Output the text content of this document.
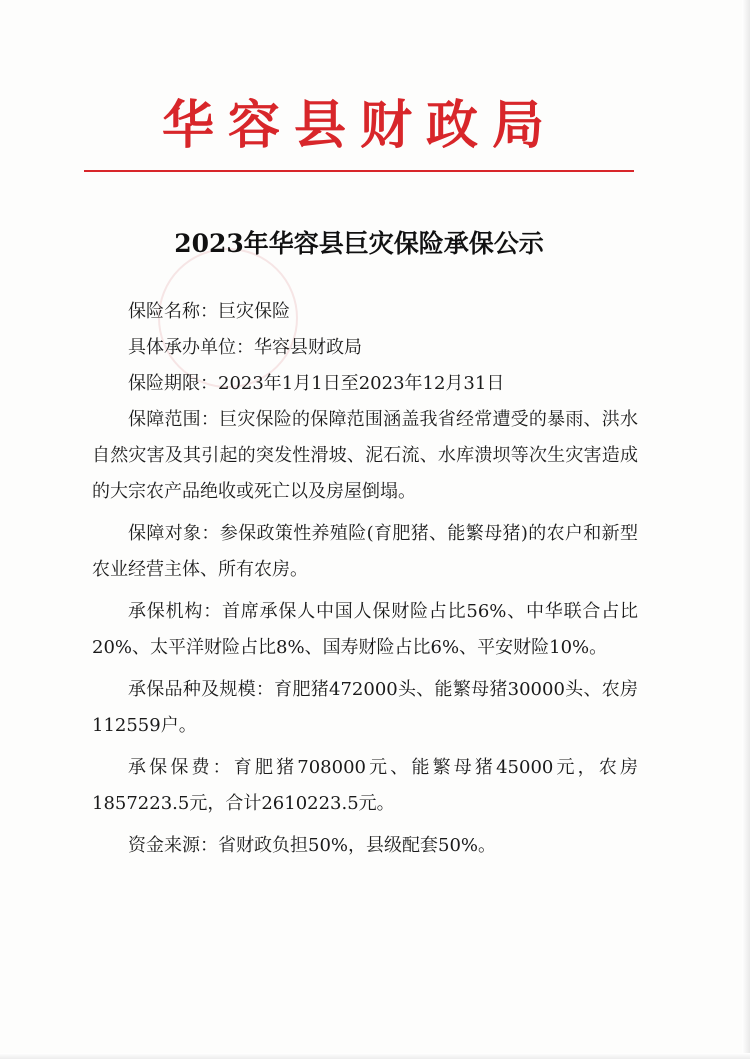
华容县财政局
2023年华容县巨灾保险承保公示

保险名称：巨灾保险

具体承办单位：华容县财政局

保险期限：2023年1月1日至2023年12月31日

保障范围：巨灾保险的保障范围涵盖我省经常遭受的暴雨、洪水自然灾害及其引起的突发性滑坡、泥石流、水库溃坝等次生灾害造成的大宗农产品绝收或死亡以及房屋倒塌。

保障对象：参保政策性养殖险(育肥猪、能繁母猪)的农户和新型农业经营主体、所有农房。

承保机构：首席承保人中国人保财险占比56%、中华联合占比20%、太平洋财险占比8%、国寿财险占比6%、平安财险10%。

承保品种及规模：育肥猪472000头、能繁母猪30000头、农房112559户。

承保保费：育肥猪708000元、能繁母猪45000元，农房1857223.5元，合计2610223.5元。

资金来源：省财政负担50%，县级配套50%。
